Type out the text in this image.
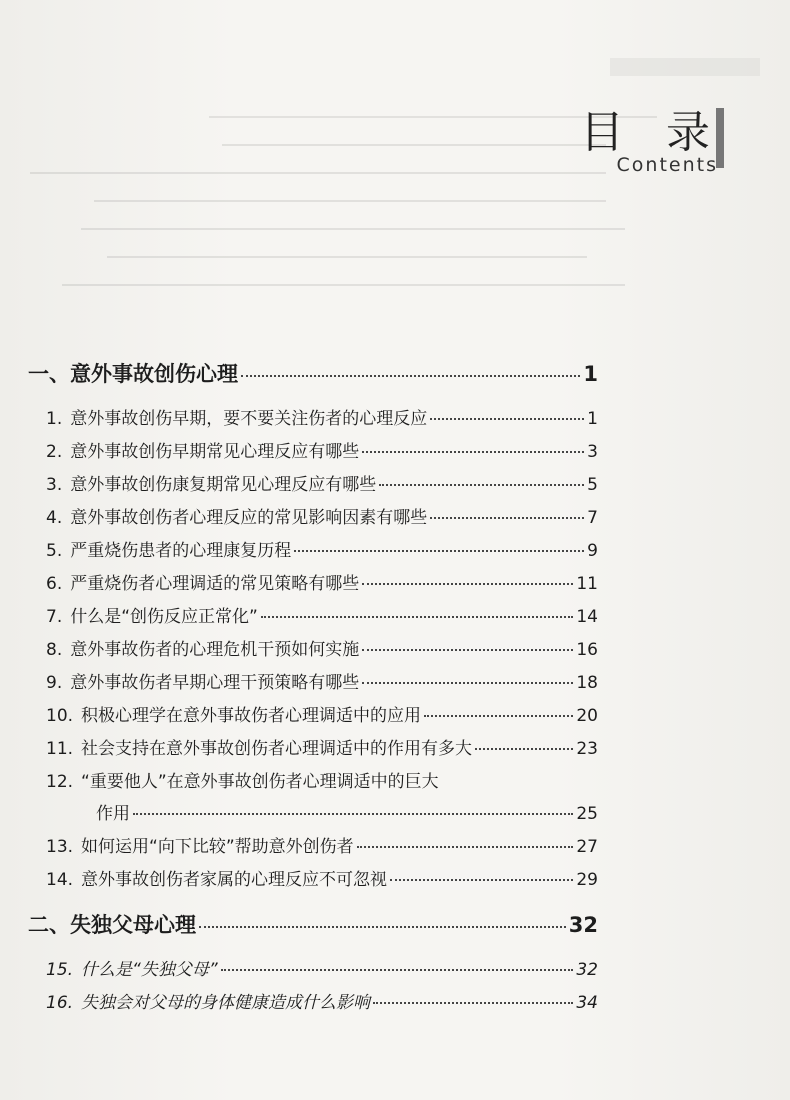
目 录
Contents
一、意外事故创伤心理	1
1. 意外事故创伤早期，要不要关注伤者的心理反应	1
2. 意外事故创伤早期常见心理反应有哪些	3
3. 意外事故创伤康复期常见心理反应有哪些	5
4. 意外事故创伤者心理反应的常见影响因素有哪些	7
5. 严重烧伤患者的心理康复历程	9
6. 严重烧伤者心理调适的常见策略有哪些	11
7. 什么是“创伤反应正常化”	14
8. 意外事故伤者的心理危机干预如何实施	16
9. 意外事故伤者早期心理干预策略有哪些	18
10. 积极心理学在意外事故伤者心理调适中的应用	20
11. 社会支持在意外事故创伤者心理调适中的作用有多大	23
12. “重要他人”在意外事故创伤者心理调适中的巨大
作用	25
13. 如何运用“向下比较”帮助意外创伤者	27
14. 意外事故创伤者家属的心理反应不可忽视	29
二、失独父母心理	32
15. 什么是“失独父母”	32
16. 失独会对父母的身体健康造成什么影响	34
